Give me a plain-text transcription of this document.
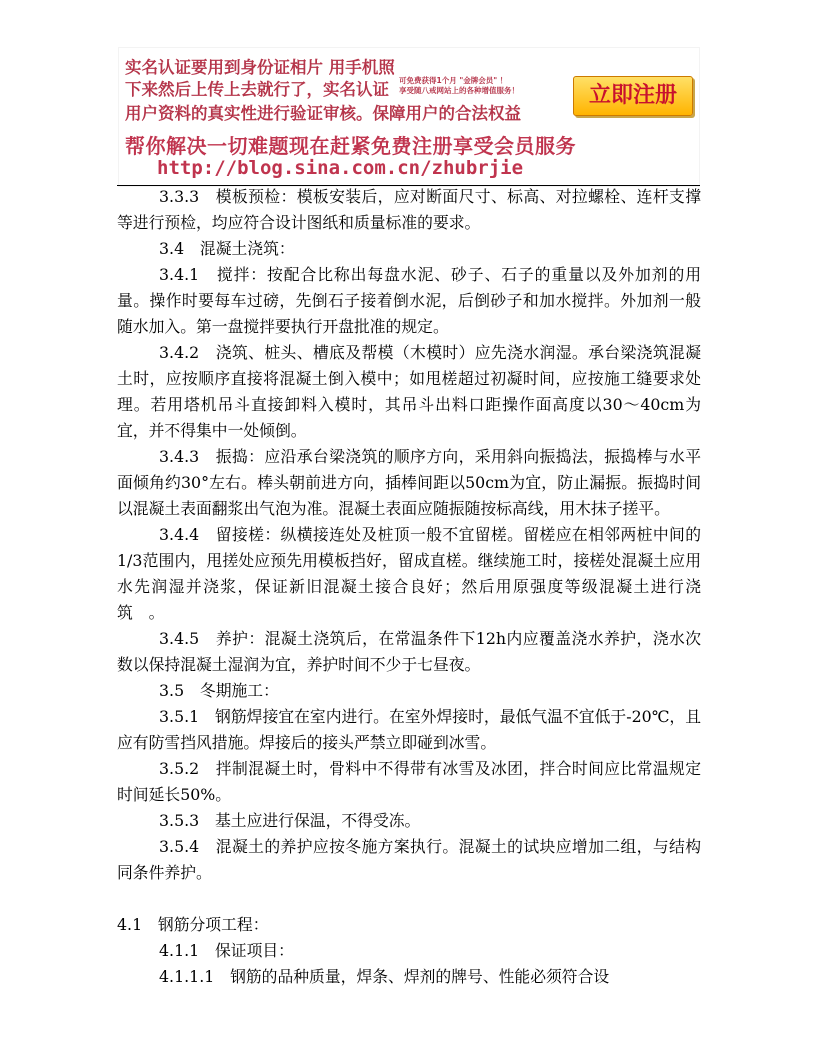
实名认证要用到身份证相片 用手机照
下来然后上传上去就行了，实名认证 可免费获得1个月 "金牌会员" ！
享受随八戒网站上的各种增值服务！	立即注册
用户资料的真实性进行验证审核。保障用户的合法权益
帮你解决一切难题现在赶紧免费注册享受会员服务
http://blog.sina.com.cn/zhubrjie

3.3.3　模板预检：模板安装后，应对断面尺寸、标高、对拉螺栓、连杆支撑等进行预检，均应符合设计图纸和质量标准的要求。

3.4　混凝土浇筑：

3.4.1　搅拌：按配合比称出每盘水泥、砂子、石子的重量以及外加剂的用量。操作时要每车过磅，先倒石子接着倒水泥，后倒砂子和加水搅拌。外加剂一般随水加入。第一盘搅拌要执行开盘批准的规定。

3.4.2　浇筑、桩头、槽底及帮模（木模时）应先浇水润湿。承台梁浇筑混凝土时，应按顺序直接将混凝土倒入模中；如甩槎超过初凝时间，应按施工缝要求处理。若用塔机吊斗直接卸料入模时，其吊斗出料口距操作面高度以30～40cm为宜，并不得集中一处倾倒。

3.4.3　振捣：应沿承台梁浇筑的顺序方向，采用斜向振捣法，振捣棒与水平面倾角约30°左右。棒头朝前进方向，插棒间距以50cm为宜，防止漏振。振捣时间以混凝土表面翻浆出气泡为准。混凝土表面应随振随按标高线，用木抹子搓平。

3.4.4　留接槎：纵横接连处及桩顶一般不宜留槎。留槎应在相邻两桩中间的1/3范围内，甩搓处应预先用模板挡好，留成直槎。继续施工时，接槎处混凝土应用水先润湿并浇浆，保证新旧混凝土接合良好；然后用原强度等级混凝土进行浇筑　。

3.4.5　养护：混凝土浇筑后，在常温条件下12h内应覆盖浇水养护，浇水次数以保持混凝土湿润为宜，养护时间不少于七昼夜。

3.5　冬期施工：

3.5.1　钢筋焊接宜在室内进行。在室外焊接时，最低气温不宜低于-20℃，且应有防雪挡风措施。焊接后的接头严禁立即碰到冰雪。

3.5.2　拌制混凝土时，骨料中不得带有冰雪及冰团，拌合时间应比常温规定时间延长50%。

3.5.3　基土应进行保温，不得受冻。

3.5.4　混凝土的养护应按冬施方案执行。混凝土的试块应增加二组，与结构同条件养护。

4.1　钢筋分项工程：

4.1.1　保证项目：

4.1.1.1　钢筋的品种质量，焊条、焊剂的牌号、性能必须符合设
